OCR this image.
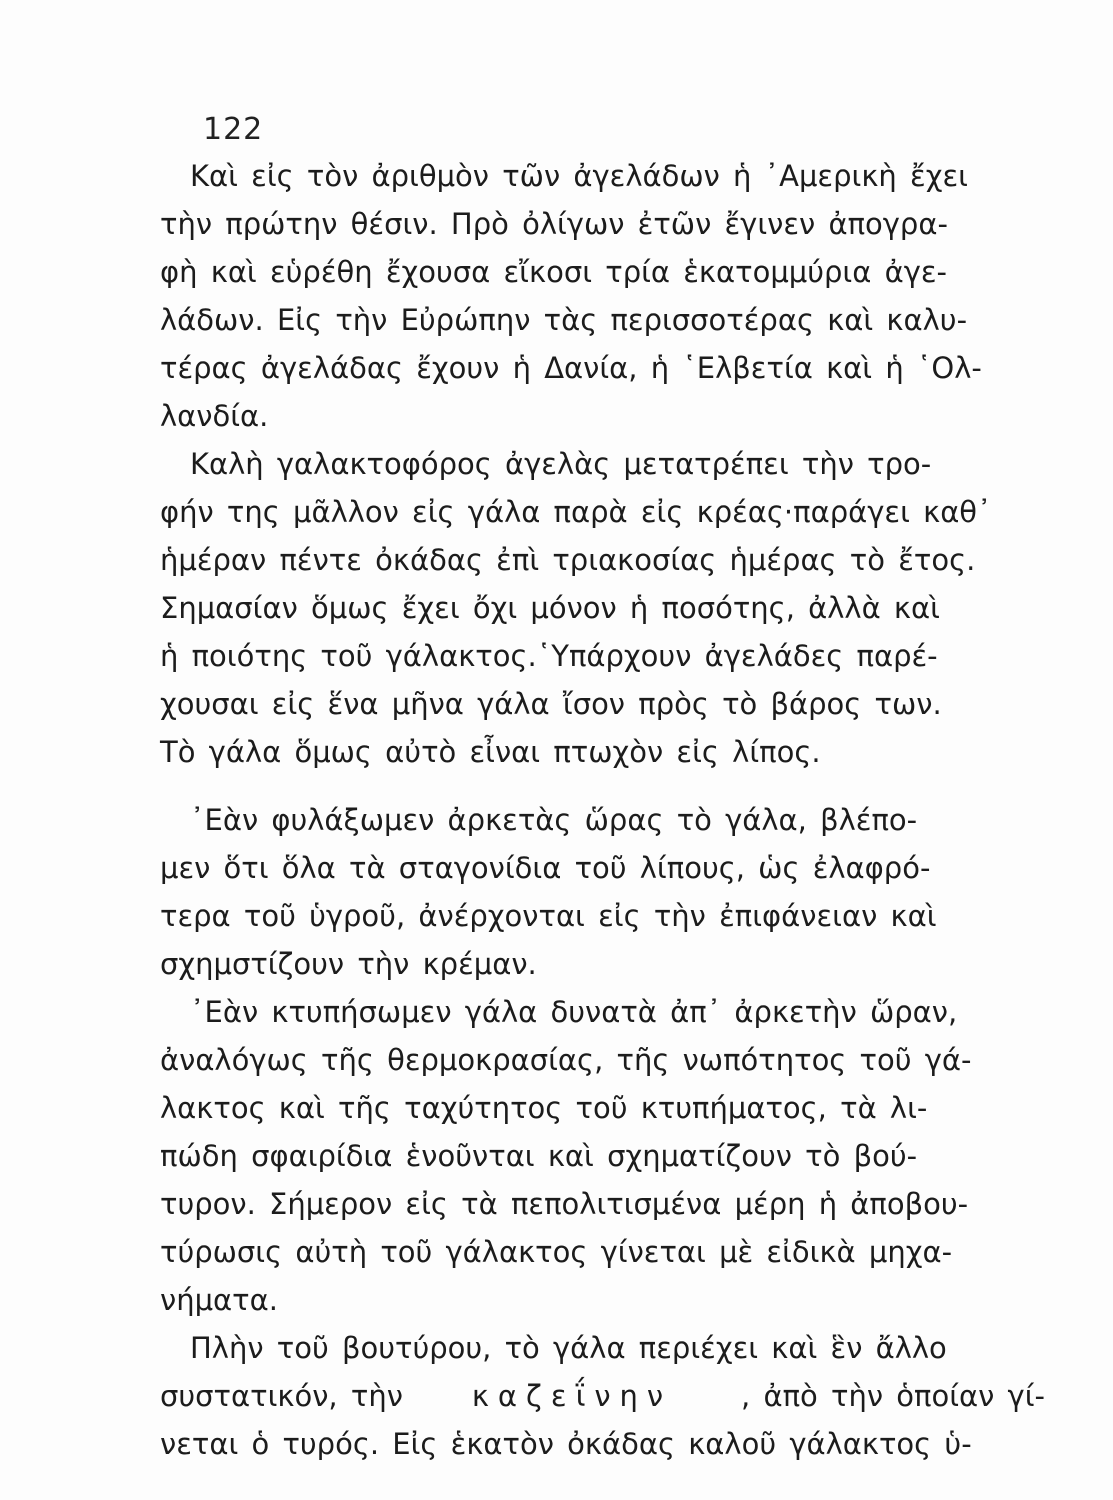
122
Καὶ εἰς τὸν ἀριθμὸν τῶν ἀγελάδων ἡ ᾿Αμερικὴ ἔχει
τὴν πρώτην θέσιν. Πρὸ ὀλίγων ἐτῶν ἔγινεν ἀπογρα-
φὴ καὶ εὑρέθη ἔχουσα εἴκοσι τρία ἑκατομμύρια ἀγε-
λάδων. Εἰς τὴν Εὐρώπην τὰς περισσοτέρας καὶ καλυ-
τέρας ἀγελάδας ἔχουν ἡ Δανία, ἡ ῾Ελβετία καὶ ἡ ῾Ολ-
λανδία.
Καλὴ γαλακτοφόρος ἀγελὰς μετατρέπει τὴν τρο-
φήν της μᾶλλον εἰς γάλα παρὰ εἰς κρέας·παράγει καθ᾿
ἡμέραν πέντε ὀκάδας ἐπὶ τριακοσίας ἡμέρας τὸ ἔτος.
Σημασίαν ὅμως ἔχει ὄχι μόνον ἡ ποσότης, ἀλλὰ καὶ
ἡ ποιότης τοῦ γάλακτος.῾Υπάρχουν ἀγελάδες παρέ-
χουσαι εἰς ἕνα μῆνα γάλα ἴσον πρὸς τὸ βάρος των.
Τὸ γάλα ὅμως αὐτὸ εἶναι πτωχὸν εἰς λίπος.
᾿Εὰν φυλάξωμεν ἀρκετὰς ὥρας τὸ γάλα, βλέπο-
μεν ὅτι ὅλα τὰ σταγονίδια τοῦ λίπους, ὡς ἐλαφρό-
τερα τοῦ ὑγροῦ, ἀνέρχονται εἰς τὴν ἐπιφάνειαν καὶ
σχημστίζουν τὴν κρέμαν.
᾿Εὰν κτυπήσωμεν γάλα δυνατὰ ἀπ᾿ ἀρκετὴν ὥραν,
ἀναλόγως τῆς θερμοκρασίας, τῆς νωπότητος τοῦ γά-
λακτος καὶ τῆς ταχύτητος τοῦ κτυπήματος, τὰ λι-
πώδη σφαιρίδια ἑνοῦνται καὶ σχηματίζουν τὸ βού-
τυρον. Σήμερον εἰς τὰ πεπολιτισμένα μέρη ἡ ἀποβου-
τύρωσις αὐτὴ τοῦ γάλακτος γίνεται μὲ εἰδικὰ μηχα-
νήματα.
Πλὴν τοῦ βουτύρου, τὸ γάλα περιέχει καὶ ἓν ἄλλο
συστατικόν, τὴν καζεΐνην , ἀπὸ τὴν ὁποίαν γί-
νεται ὁ τυρός. Εἰς ἑκατὸν ὀκάδας καλοῦ γάλακτος ὑ-
